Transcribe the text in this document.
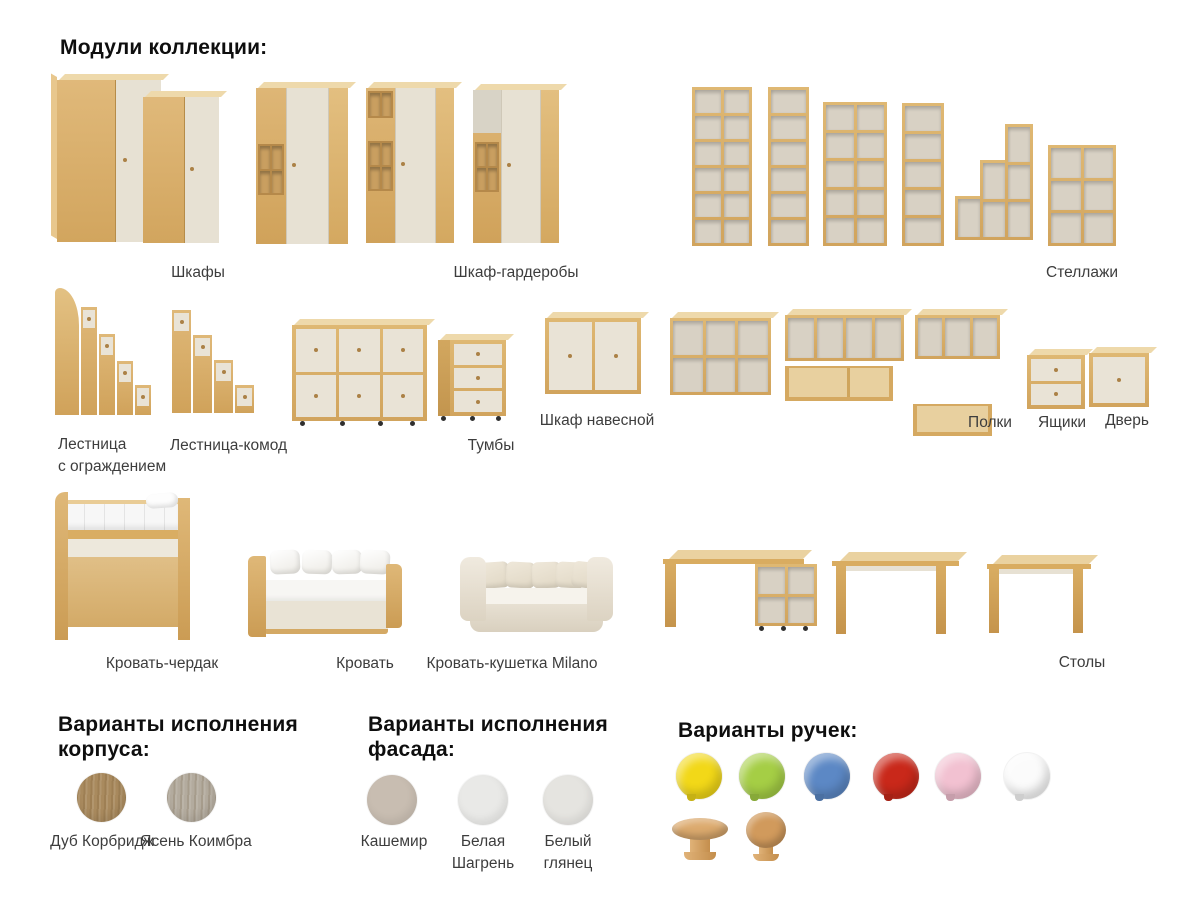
Модули коллекции:
Шкафы	Шкаф-гардеробы	Стеллажи
Лестница
с ограждением
Лестница-комод	Тумбы
Шкаф навесной	Полки Ящики Дверь
Кровать-чердак	Кровать Кровать-кушетка Milano	Столы
Варианты исполнения
корпуса:
Дуб Корбридж
Ясень Коимбра
Варианты исполнения
фасада:
Кашемир Белая
Шагрень
Белый
глянец
Варианты ручек:
